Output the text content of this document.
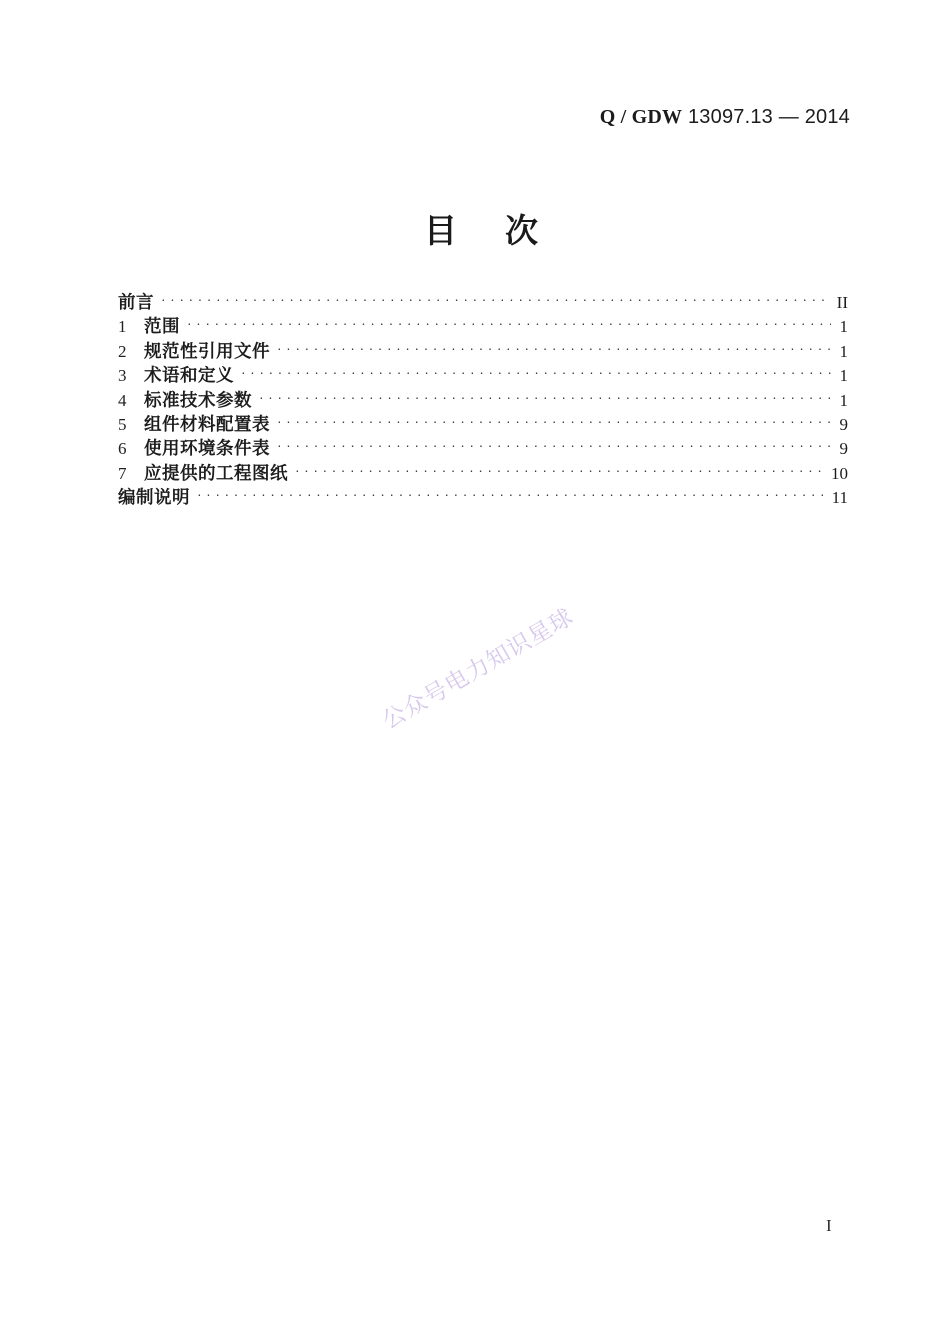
Q / GDW 13097.13 — 2014
目次
前言 ·····	II
1	范围 ·····	1
2	规范性引用文件 ·····	1
3	术语和定义 ·····	1
4	标准技术参数 ·····	1
5	组件材料配置表 ·····	9
6	使用环境条件表 ·····	9
7	应提供的工程图纸 ·····	10
编制说明 ·····	11
公众号电力知识星球
I
